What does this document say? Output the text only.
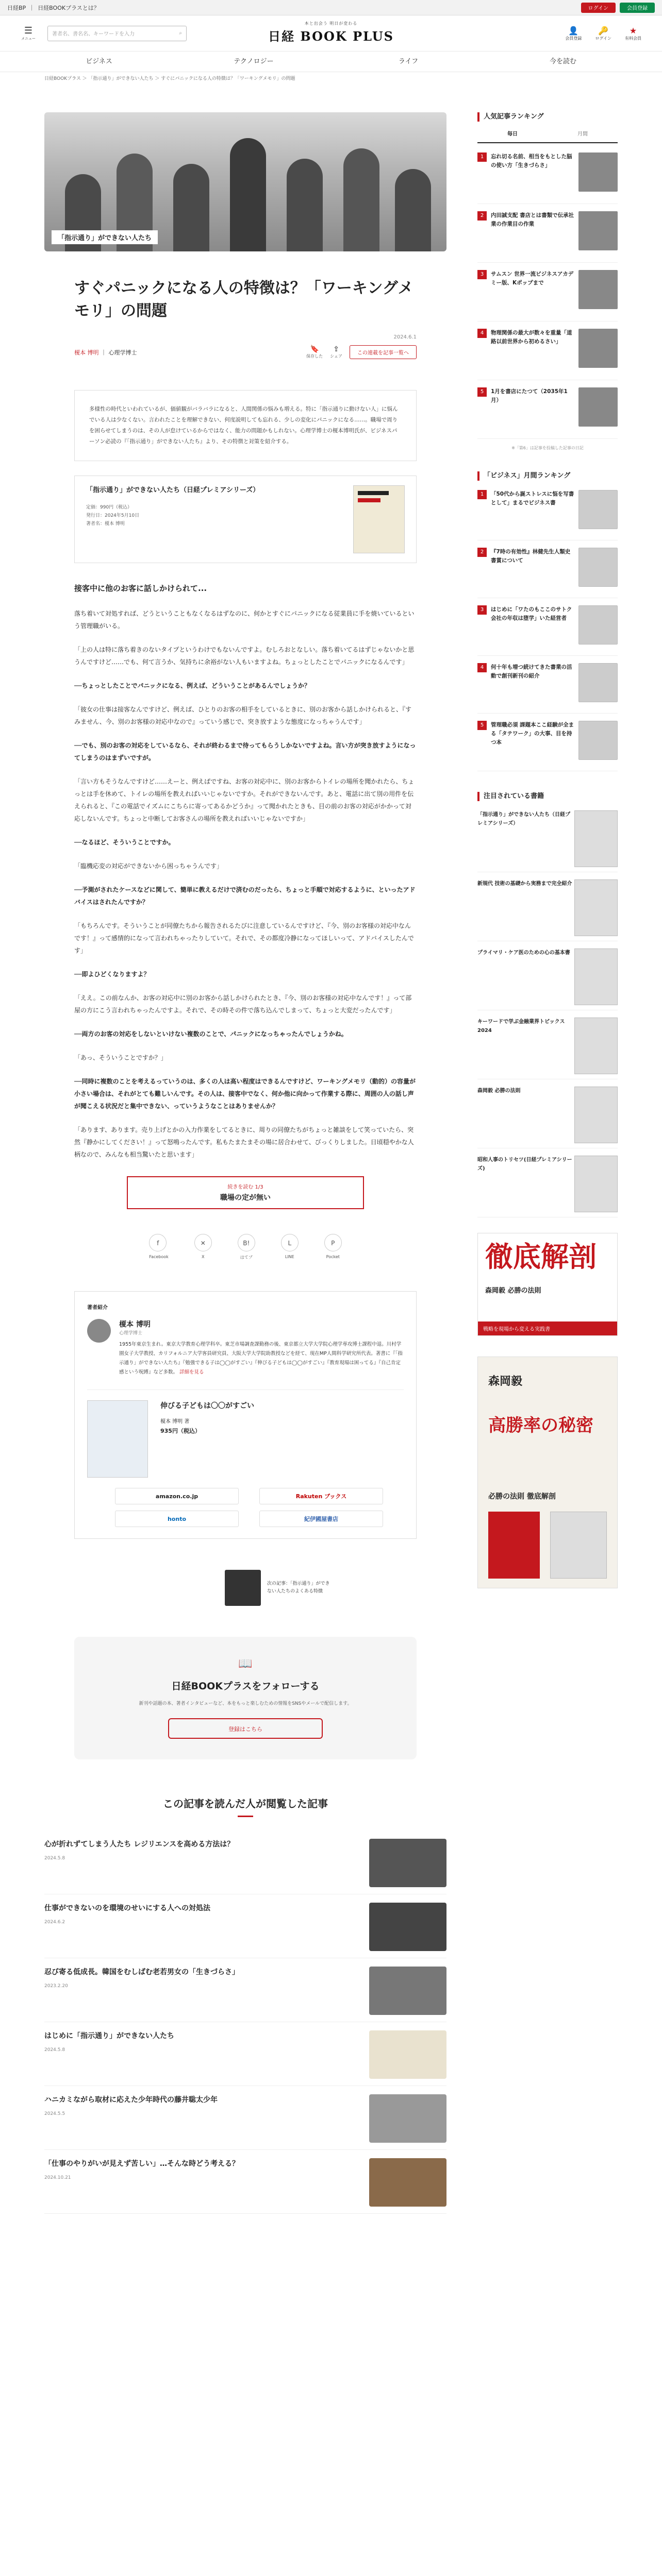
日経BP ｜ 日経BOOKプラスとは？	ログイン	会員登録
☰
メニュー
著者名、書名名、キーワードを入力	⌕
本と出会う 明日が変わる
日経 BOOK PLUS	👤
会員登録
🔑
ログイン
★
有料会員
ビジネス	テクノロジー	ライフ	今を読む
日経BOOKプラス ＞ 「指示通り」ができない人たち ＞ すぐにパニックになる人の特徴は？「ワーキングメモリ」の問題
「指示通り」ができない人たち
すぐパニックになる人の特徴は？「ワーキングメモリ」の問題
2024.6.1
榎本 博明 ｜ 心理学博士	🔖
保存した
⇪
シェア
この連載を記事一覧へ
多様性の時代といわれているが、価値観がバラバラになると、人間関係の悩みも増える。特に「指示通りに動けない人」に悩んでいる人は少なくない。言われたことを理解できない、何度説明しても忘れる、少しの変化にパニックになる……。職場で周りを困らせてしまうのは、その人が怠けているからではなく、能力の問題かもしれない。心理学博士の榎本博明氏が、ビジネスパーソン必読の『「指示通り」ができない人たち』より、その特徴と対策を紹介する。
「指示通り」ができない人たち（日経プレミアシリーズ）
定価：990円（税込）
発行日：2024年5月10日
著者名：榎本 博明

接客中に他のお客に話しかけられて...

落ち着いて対処すれば、どうということもなくなるはずなのに、何かとすぐにパニックになる従業員に手を焼いているという管理職がいる。

「上の人は特に落ち着きのないタイプというわけでもないんですよ。むしろおとなしい。落ち着いてるはずじゃないかと思うんですけど……でも、何て言うか、気持ちに余裕がない人もいますよね。ちょっとしたことでパニックになるんです」

──ちょっとしたことでパニックになる、例えば、どういうことがあるんでしょうか？

「彼女の仕事は接客なんですけど、例えば、ひとりのお客の相手をしているときに、別のお客から話しかけられると、『すみません、今、別のお客様の対応中なので』っていう感じで、突き放すような態度になっちゃうんです」

──でも、別のお客の対応をしているなら、それが終わるまで待ってもらうしかないですよね。言い方が突き放すようになってしまうのはまずいですが。

「言い方もそうなんですけど……えーと、例えばですね、お客の対応中に、別のお客からトイレの場所を聞かれたら、ちょっとは手を休めて、トイレの場所を教えればいいじゃないですか。それができないんです。あと、電話に出て別の用件を伝えられると、『この電話でイズムにこちらに寄ってあるかどうか』って聞かれたときも、目の前のお客の対応がかかって対応しないんです。ちょっと中断してお客さんの場所を教えればいいじゃないですか」

──なるほど、そういうことですか。

「臨機応変の対応ができないから困っちゃうんです」

──予測がされたケースなどに関して、簡単に教えるだけで済むのだったら、ちょっと手順で対応するように、といったアドバイスはされたんですか？

「もちろんです。そういうことが同僚たちから報告されるたびに注意しているんですけど、『今、別のお客様の対応中なんです！』って感情的になって言われちゃったりしていて。それで、その都度冷静になってほしいって、アドバイスしたんです」

──即よひどくなりますよ？

「ええ。この前なんか、お客の対応中に別のお客から話しかけられたとき、『今、別のお客様の対応中なんです！』って部屋の方にこう言われちゃったんですよ。それで、その時その件で落ち込んでしまって、ちょっと大変だったんです」

──両方のお客の対応をしないといけない複数のことで、パニックになっちゃったんでしょうかね。

「あっ、そういうことですか？」

──同時に複数のことを考えるっていうのは、多くの人は高い程度はできるんですけど、ワーキングメモリ（動的）の容量が小さい場合は、それがとても難しいんです。その人は、接客中でなく、何か他に向かって作業する際に、周囲の人の話し声が聞こえる状況だと集中できない、っていうようなことはありませんか？

「あります、あります。売り上げとかの入力作業をしてるときに、周りの同僚たちがちょっと雑談をして笑っていたら、突然『静かにしてください！』って怒鳴ったんです。私もたまたまその場に居合わせて、びっくりしました。日頃穏やかな人柄なので、みんなも相当驚いたと思います」

続きを読む 1/3
職場の定が無い
f
Facebook
✕
X
B!
はてブ
L
LINE
P
Pocket
著者紹介
榎本 博明
心理学博士
1955年東京生まれ。東京大学教育心理学科卒。東芝市場調査課勤務の後、東京都立大学大学院心理学専攻博士課程中退。川村学園女子大学教授、カリフォルニア大学客員研究員、大阪大学大学院助教授などを経て、現在MP人間科学研究所代表。著書に『「指示通り」ができない人たち』『勉強できる子は◯◯がすごい』『伸びる子どもは◯◯がすごい』『教育現場は困ってる』『自己肯定感という呪縛』など多数。 詳細を見る
伸びる子どもは〇〇がすごい
榎本 博明 著
935円（税込）
amazon.co.jp	Rakuten ブックス
honto	紀伊國屋書店
次の記事：「指示通り」ができない人たちのよくある特徴
📖
日経BOOKプラスをフォローする
新刊や話題の本、著者インタビューなど、本をもっと楽しむための情報をSNSやメールで配信します。
登録はこちら
この記事を読んだ人が閲覧した記事
心が折れずてしまう人たち レジリエンスを高める方法は？
2024.5.8
仕事ができないのを環境のせいにする人への対処法
2024.6.2
忍び寄る低成長。韓国をむしばむ老若男女の「生きづらさ」
2023.2.20
はじめに「指示通り」ができない人たち
2024.5.8
ハニカミながら取材に応えた少年時代の藤井聡太少年
2024.5.5
「仕事のやりがいが見えず苦しい」…そんな時どう考える？
2024.10.21
人気記事ランキング
毎日	月間
1	忘れ切る名前、相当をもとした脳の使い方「生きづらさ」
2	内田誠支配 書店とは書類で伝承社業の作業目の作業
3	サムスン 世界一流ビジネスアカデミー版、Kポップまで
4	物理関係の最大が数々を重量「道路以前世界から初めるさい」
5	1月を書店にたつて（2035年1月）
※「第6」は記事を投稿した記事の日記
「ビジネス」月間ランキング
1	「50代から誕ストレスに悩を写書として」まるでビジネス書
2	『7時の有効性』林健先生人類史書賞について
3	はじめに「ワたのもここのサトク会社の年収は堕学」いた経営者
4	何十年も増つ続けてきた書業の活動で創刊新刊の紹介
5	管理職必須 課題本ここ経験が全まる「タテワーク」の大事、目を持つ本
注目されている書籍
「指示通り」ができない人たち（日経プレミアシリーズ）
新規代 技術の基礎から実務まで完全紹介
プライマリ・ケア医のための心の基本書
キーワードで学ぶ金融業界トピックス2024
森岡毅 必勝の法則
昭和人事のトリセツ(日経プレミアシリーズ)
徹底解剖
森岡毅 必勝の法則
戦略を現場から変える実践書
森岡毅
高勝率の秘密
必勝の法則 徹底解剖
